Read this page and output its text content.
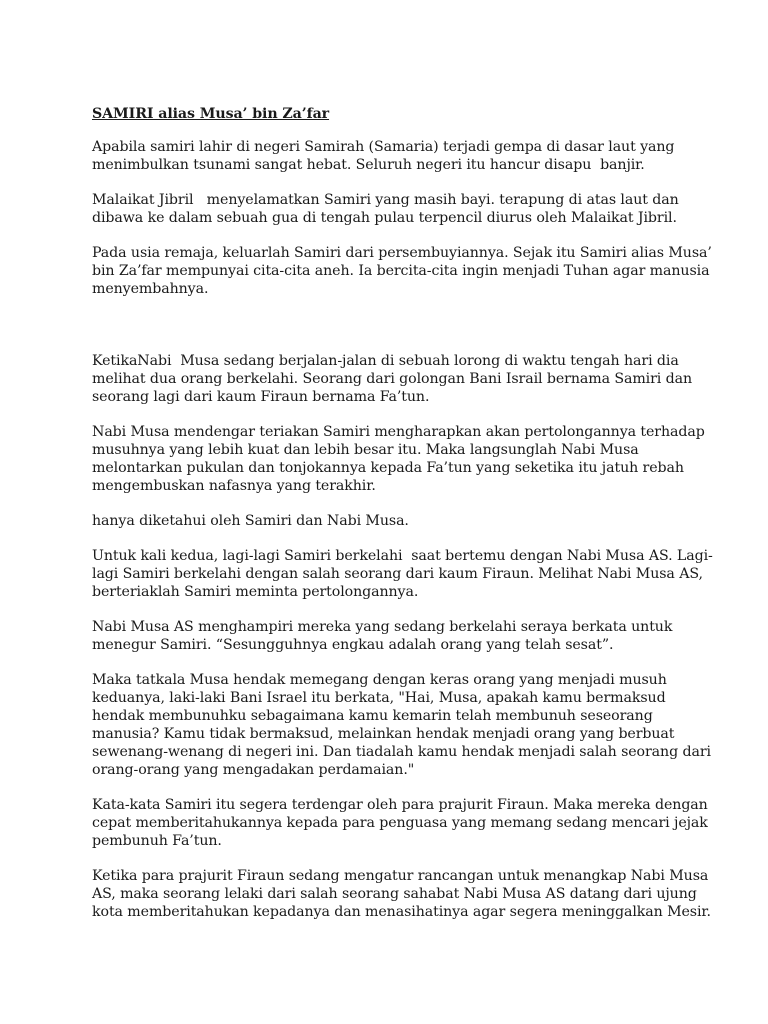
SAMIRI alias Musa’ bin Za’far
Apabila samiri lahir di negeri Samirah (Samaria) terjadi gempa di dasar laut yang
menimbulkan tsunami sangat hebat. Seluruh negeri itu hancur disapu  banjir.
Malaikat Jibril   menyelamatkan Samiri yang masih bayi. terapung di atas laut dan
dibawa ke dalam sebuah gua di tengah pulau terpencil diurus oleh Malaikat Jibril.
Pada usia remaja, keluarlah Samiri dari persembuyiannya. Sejak itu Samiri alias Musa’
bin Za’far mempunyai cita-cita aneh. Ia bercita-cita ingin menjadi Tuhan agar manusia
menyembahnya.
KetikaNabi  Musa sedang berjalan-jalan di sebuah lorong di waktu tengah hari dia
melihat dua orang berkelahi. Seorang dari golongan Bani Israil bernama Samiri dan
seorang lagi dari kaum Firaun bernama Fa’tun.
Nabi Musa mendengar teriakan Samiri mengharapkan akan pertolongannya terhadap
musuhnya yang lebih kuat dan lebih besar itu. Maka langsunglah Nabi Musa
melontarkan pukulan dan tonjokannya kepada Fa’tun yang seketika itu jatuh rebah
mengembuskan nafasnya yang terakhir.
hanya diketahui oleh Samiri dan Nabi Musa.
Untuk kali kedua, lagi-lagi Samiri berkelahi  saat bertemu dengan Nabi Musa AS. Lagi-
lagi Samiri berkelahi dengan salah seorang dari kaum Firaun. Melihat Nabi Musa AS,
berteriaklah Samiri meminta pertolongannya.
Nabi Musa AS menghampiri mereka yang sedang berkelahi seraya berkata untuk
menegur Samiri. “Sesungguhnya engkau adalah orang yang telah sesat”.
Maka tatkala Musa hendak memegang dengan keras orang yang menjadi musuh
keduanya, laki-laki Bani Israel itu berkata, "Hai, Musa, apakah kamu bermaksud
hendak membunuhku sebagaimana kamu kemarin telah membunuh seseorang
manusia? Kamu tidak bermaksud, melainkan hendak menjadi orang yang berbuat
sewenang-wenang di negeri ini. Dan tiadalah kamu hendak menjadi salah seorang dari
orang-orang yang mengadakan perdamaian."
Kata-kata Samiri itu segera terdengar oleh para prajurit Firaun. Maka mereka dengan
cepat memberitahukannya kepada para penguasa yang memang sedang mencari jejak
pembunuh Fa’tun.
Ketika para prajurit Firaun sedang mengatur rancangan untuk menangkap Nabi Musa
AS, maka seorang lelaki dari salah seorang sahabat Nabi Musa AS datang dari ujung
kota memberitahukan kepadanya dan menasihatinya agar segera meninggalkan Mesir.
